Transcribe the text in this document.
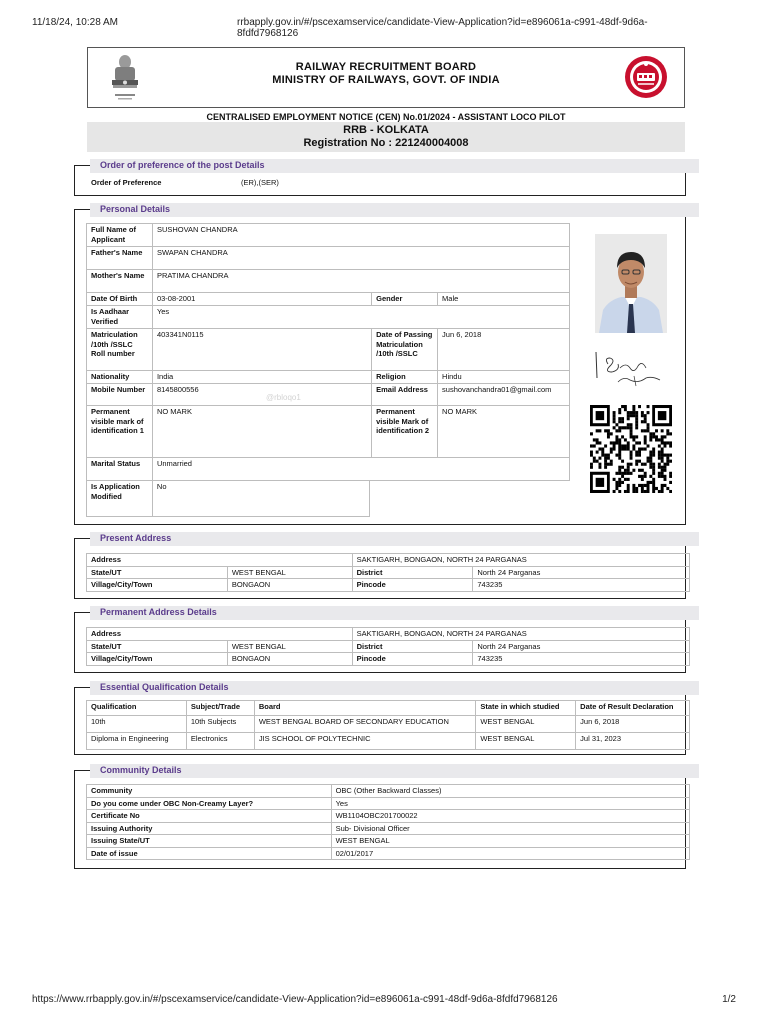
11/18/24, 10:28 AM	rrbapply.gov.in/#/pscexamservice/candidate-View-Application?id=e896061a-c991-48df-9d6a-8fdfd7968126
RAILWAY RECRUITMENT BOARD
MINISTRY OF RAILWAYS, GOVT. OF INDIA
CENTRALISED EMPLOYMENT NOTICE (CEN) No.01/2024 - ASSISTANT LOCO PILOT
RRB - KOLKATA
Registration No : 221240004008
Order of preference of the post Details
Order of Preference	(ER),(SER)
Personal Details
Full Name of Applicant	SUSHOVAN CHANDRA		
Father's Name	SWAPAN CHANDRA		
Mother's Name	PRATIMA CHANDRA		
Date Of Birth	03-08-2001	Gender	Male
Is Aadhaar Verified	Yes		
Matriculation /10th /SSLC Roll number	403341N0115	Date of Passing Matriculation /10th /SSLC	Jun 6, 2018
Nationality	India	Religion	Hindu
Mobile Number	8145800556	Email Address	sushovanchandra01@gmail.com
Permanent visible mark of identification 1	NO MARK	Permanent visible Mark of identification 2	NO MARK
Marital Status	Unmarried		
Is Application Modified	No
@rbloqo1
Present Address
Address		SAKTIGARH, BONGAON, NORTH 24 PARGANAS	
State/UT	WEST BENGAL	District	North 24 Parganas
Village/City/Town	BONGAON	Pincode	743235
Permanent Address Details
Address		SAKTIGARH, BONGAON, NORTH 24 PARGANAS	
State/UT	WEST BENGAL	District	North 24 Parganas
Village/City/Town	BONGAON	Pincode	743235
Essential Qualification Details
Qualification	Subject/Trade	Board	State in which studied	Date of Result Declaration
10th	10th Subjects	WEST BENGAL BOARD OF SECONDARY EDUCATION	WEST BENGAL	Jun 6, 2018
Diploma in Engineering	Electronics	JIS SCHOOL OF POLYTECHNIC	WEST BENGAL	Jul 31, 2023
Community Details
Community	OBC (Other Backward Classes)
Do you come under OBC Non-Creamy Layer?	Yes
Certificate No	WB1104OBC201700022
Issuing Authority	Sub- Divisional Officer
Issuing State/UT	WEST BENGAL
Date of issue	02/01/2017
https://www.rrbapply.gov.in/#/pscexamservice/candidate-View-Application?id=e896061a-c991-48df-9d6a-8fdfd7968126	1/2
